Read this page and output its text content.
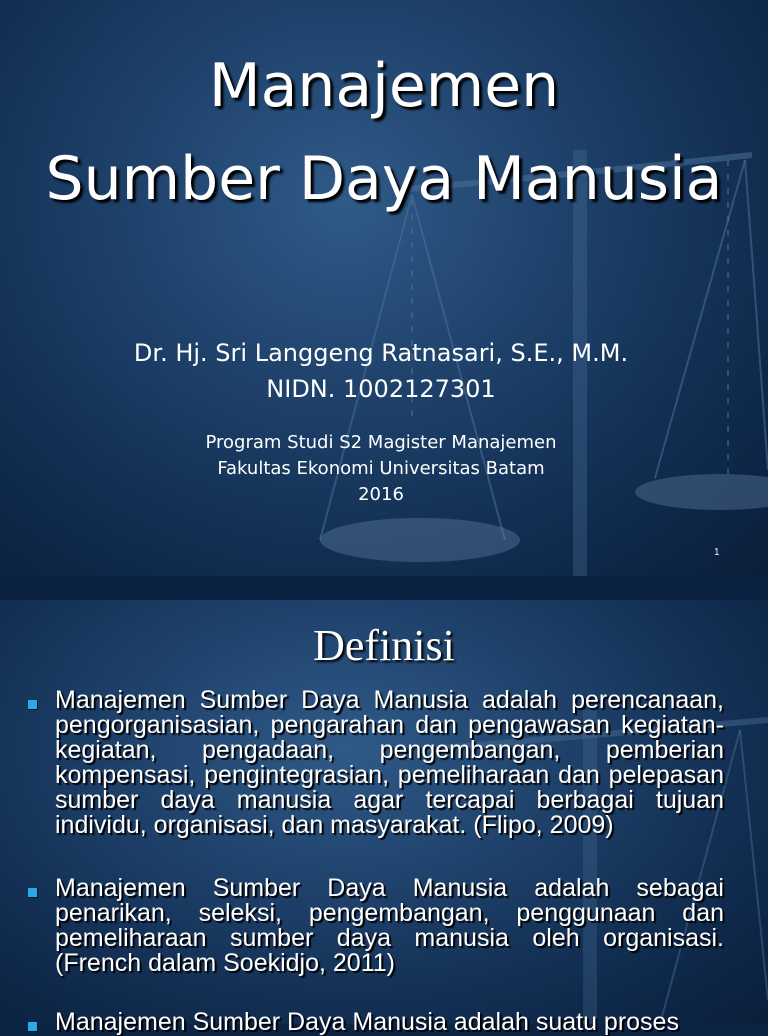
Manajemen
Sumber Daya Manusia
Dr. Hj. Sri Langgeng Ratnasari, S.E., M.M.
NIDN. 1002127301
Program Studi S2 Magister Manajemen
Fakultas Ekonomi Universitas Batam
2016
1
Definisi
Manajemen Sumber Daya Manusia adalah perencanaan, pengorganisasian, pengarahan dan pengawasan kegiatan-kegiatan, pengadaan, pengembangan, pemberian kompensasi, pengintegrasian, pemeliharaan dan pelepasan sumber daya manusia agar tercapai berbagai tujuan individu, organisasi, dan masyarakat. (Flipo, 2009)
Manajemen Sumber Daya Manusia adalah sebagai penarikan, seleksi, pengembangan, penggunaan dan pemeliharaan sumber daya manusia oleh organisasi. (French dalam Soekidjo, 2011)
Manajemen Sumber Daya Manusia adalah suatu proses
